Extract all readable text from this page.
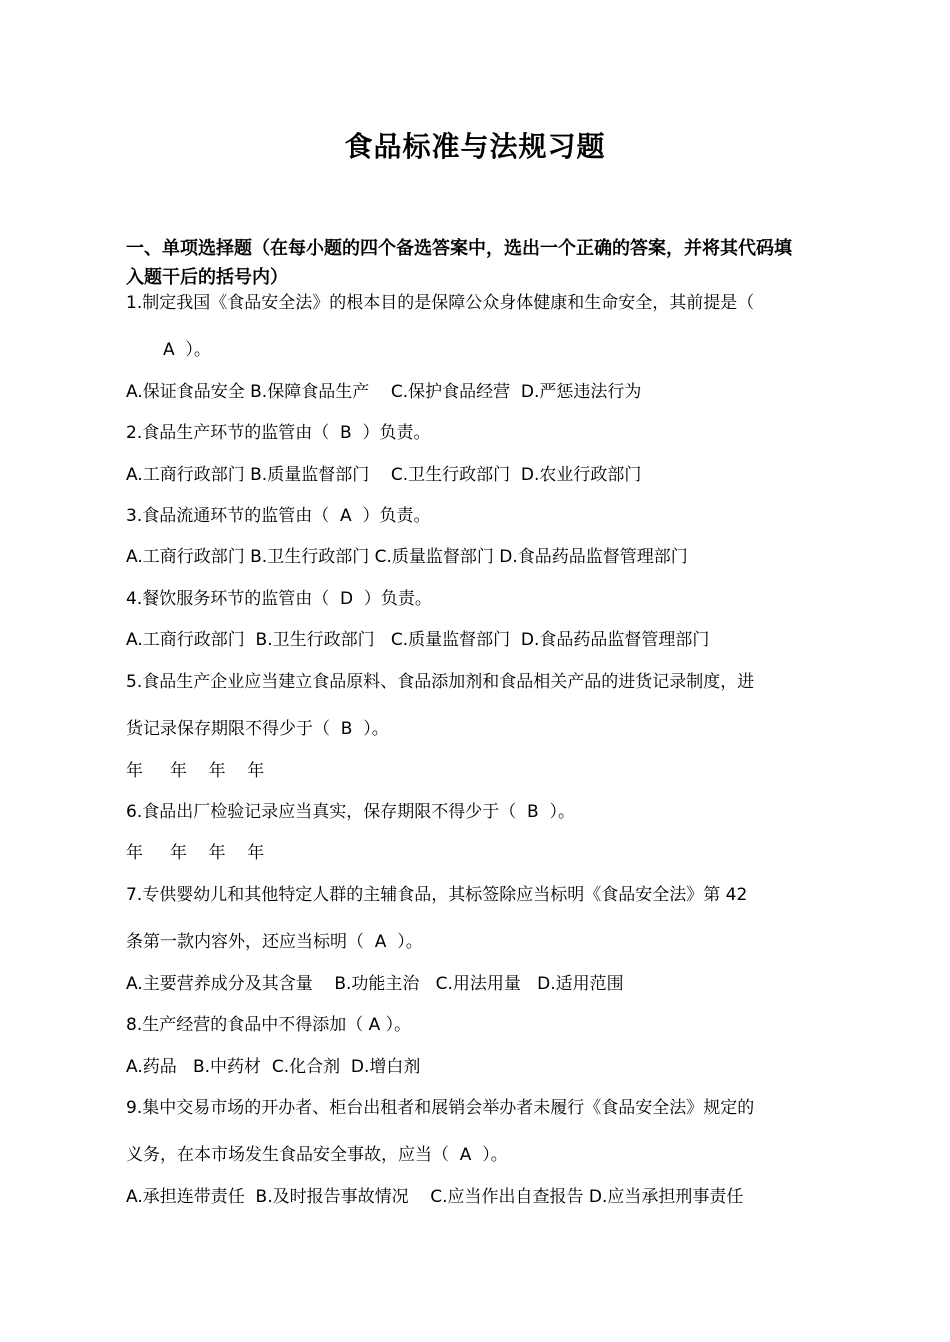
食品标准与法规习题
一、单项选择题（在每小题的四个备选答案中，选出一个正确的答案，并将其代码填
入题干后的括号内）
1.制定我国《食品安全法》的根本目的是保障公众身体健康和生命安全，其前提是（
A  ）。
A.保证食品安全 B.保障食品生产    C.保护食品经营  D.严惩违法行为
2.食品生产环节的监管由（  B  ）负责。
A.工商行政部门 B.质量监督部门    C.卫生行政部门  D.农业行政部门
3.食品流通环节的监管由（  A  ）负责。
A.工商行政部门 B.卫生行政部门 C.质量监督部门 D.食品药品监督管理部门
4.餐饮服务环节的监管由（  D  ）负责。
A.工商行政部门  B.卫生行政部门   C.质量监督部门  D.食品药品监督管理部门
5.食品生产企业应当建立食品原料、食品添加剂和食品相关产品的进货记录制度，进
货记录保存期限不得少于（  B  ）。
年     年    年    年
6.食品出厂检验记录应当真实，保存期限不得少于（  B  ）。
年     年    年    年
7.专供婴幼儿和其他特定人群的主辅食品，其标签除应当标明《食品安全法》第 42
条第一款内容外，还应当标明（  A  ）。
A.主要营养成分及其含量    B.功能主治   C.用法用量   D.适用范围
8.生产经营的食品中不得添加（ A ）。
A.药品   B.中药材  C.化合剂  D.增白剂
9.集中交易市场的开办者、柜台出租者和展销会举办者未履行《食品安全法》规定的
义务，在本市场发生食品安全事故，应当（  A  ）。
A.承担连带责任  B.及时报告事故情况    C.应当作出自查报告 D.应当承担刑事责任
